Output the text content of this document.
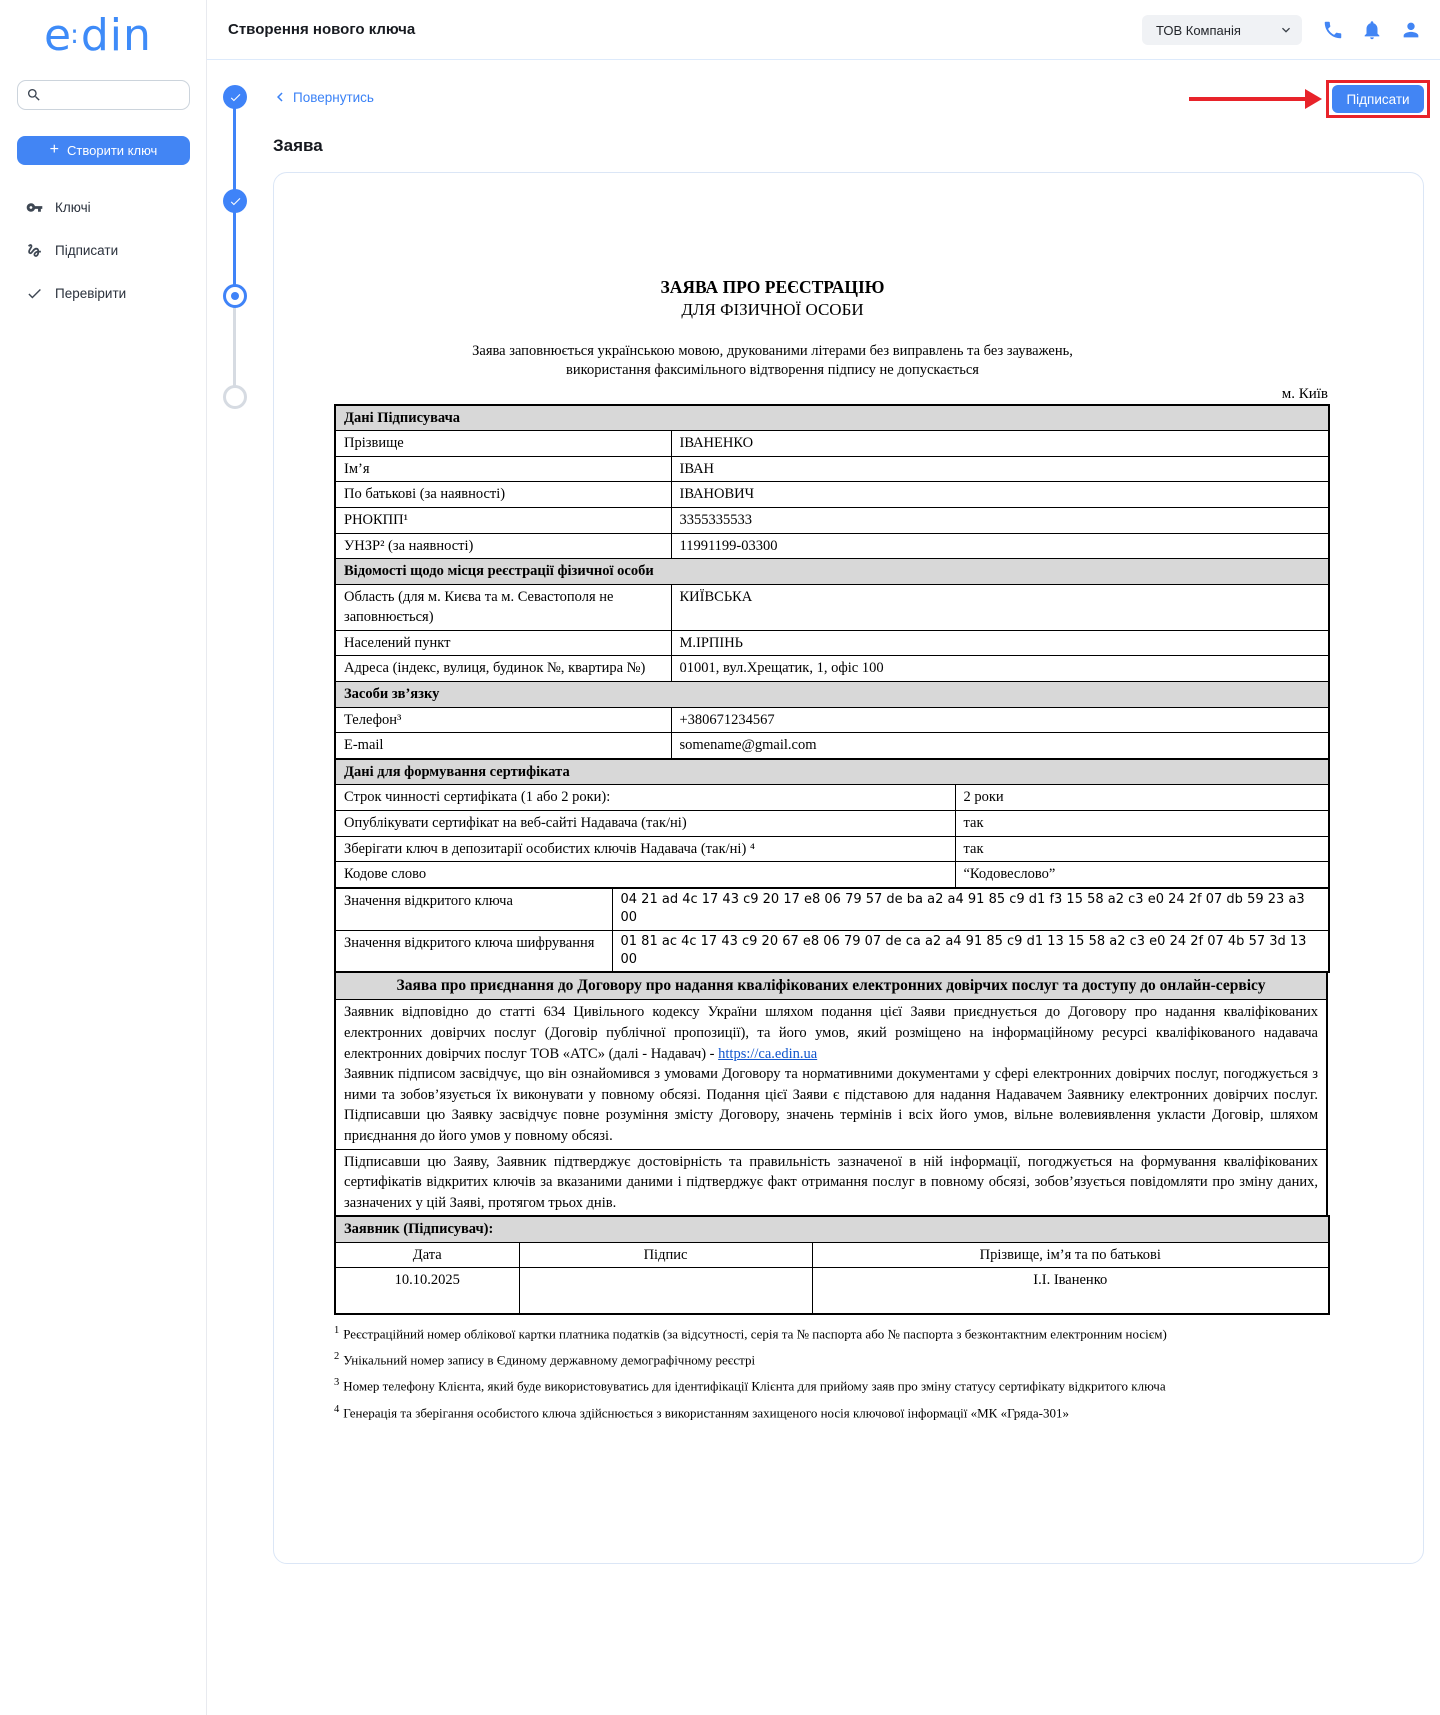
e:din
+ Створити ключ
Ключі
Підписати
Перевірити
Створення нового ключа	ТОВ Компанія
Повернутись	Підписати
Заява
ЗАЯВА ПРО РЕЄСТРАЦІЮ
ДЛЯ ФІЗИЧНОЇ ОСОБИ
Заява заповнюється українською мовою, друкованими літерами без виправлень та без зауважень,
використання факсимільного відтворення підпису не допускається
м. Київ
Дані Підписувача	
Прізвище	ІВАНЕНКО
Ім’я	ІВАН
По батькові (за наявності)	ІВАНОВИЧ
РНОКПП¹	3355335533
УНЗР² (за наявності)	11991199-03300
Відомості щодо місця реєстрації фізичної особи	
Область (для м. Києва та м. Севастополя не заповнюється)	КИЇВСЬКА
Населений пункт	М.ІРПІНЬ
Адреса (індекс, вулиця, будинок №, квартира №)	01001, вул.Хрещатик, 1, офіс 100
Засоби зв’язку	
Телефон³	+380671234567
E-mail	somename@gmail.com
Дані для формування сертифіката	
Строк чинності сертифіката (1 або 2 роки):	2 роки
Опублікувати сертифікат на веб-сайті Надавача (так/ні)	так
Зберігати ключ в депозитарії особистих ключів Надавача (так/ні) ⁴	так
Кодове слово	“Кодовеслово”
Значення відкритого ключа	04 21 ad 4c 17 43 c9 20 17 e8 06 79 57 de ba a2 a4 91 85 c9 d1 f3 15 58 a2 c3 e0 24 2f 07 db 59 23 a3 00
Значення відкритого ключа шифрування	01 81 ac 4c 17 43 c9 20 67 e8 06 79 07 de ca a2 a4 91 85 c9 d1 13 15 58 a2 c3 e0 24 2f 07 4b 57 3d 13 00
Заява про приєднання до Договору про надання кваліфікованих електронних довірчих послуг та доступу до онлайн-сервісу

Заявник відповідно до статті 634 Цивільного кодексу України шляхом подання цієї Заяви приєднується до Договору про надання кваліфікованих електронних довірчих послуг (Договір публічної пропозиції), та його умов, який розміщено на інформаційному ресурсі кваліфікованого надавача електронних довірчих послуг ТОВ «АТС» (далі - Надавач) - https://ca.edin.ua
Заявник підписом засвідчує, що він ознайомився з умовами Договору та нормативними документами у сфері електронних довірчих послуг, погоджується з ними та зобов’язується їх виконувати у повному обсязі. Подання цієї Заяви є підставою для надання Надавачем Заявнику електронних довірчих послуг. Підписавши цю Заявку засвідчує повне розуміння змісту Договору, значень термінів і всіх його умов, вільне волевиявлення укласти Договір, шляхом приєднання до його умов у повному обсязі.

Підписавши цю Заяву, Заявник підтверджує достовірність та правильність зазначеної в ній інформації, погоджується на формування кваліфікованих сертифікатів відкритих ключів за вказаними даними і підтверджує факт отримання послуг в повному обсязі, зобов’язується повідомляти про зміну даних, зазначених у цій Заяві, протягом трьох днів.
Заявник (Підписувач):		
Дата	Підпис	Прізвище, ім’я та по батькові
10.10.2025		І.І. Іваненко
$^1$ Реєстраційний номер облікової картки платника податків (за відсутності, серія та № паспорта або № паспорта з безконтактним електронним носієм)
$^2$ Унікальний номер запису в Єдиному державному демографічному реєстрі
$^3$ Номер телефону Клієнта, який буде використовуватись для ідентифікації Клієнта для прийому заяв про зміну статусу сертифікату відкритого ключа
$^4$ Генерація та зберігання особистого ключа здійснюється з використанням захищеного носія ключової інформації «МК «Гряда-301»
